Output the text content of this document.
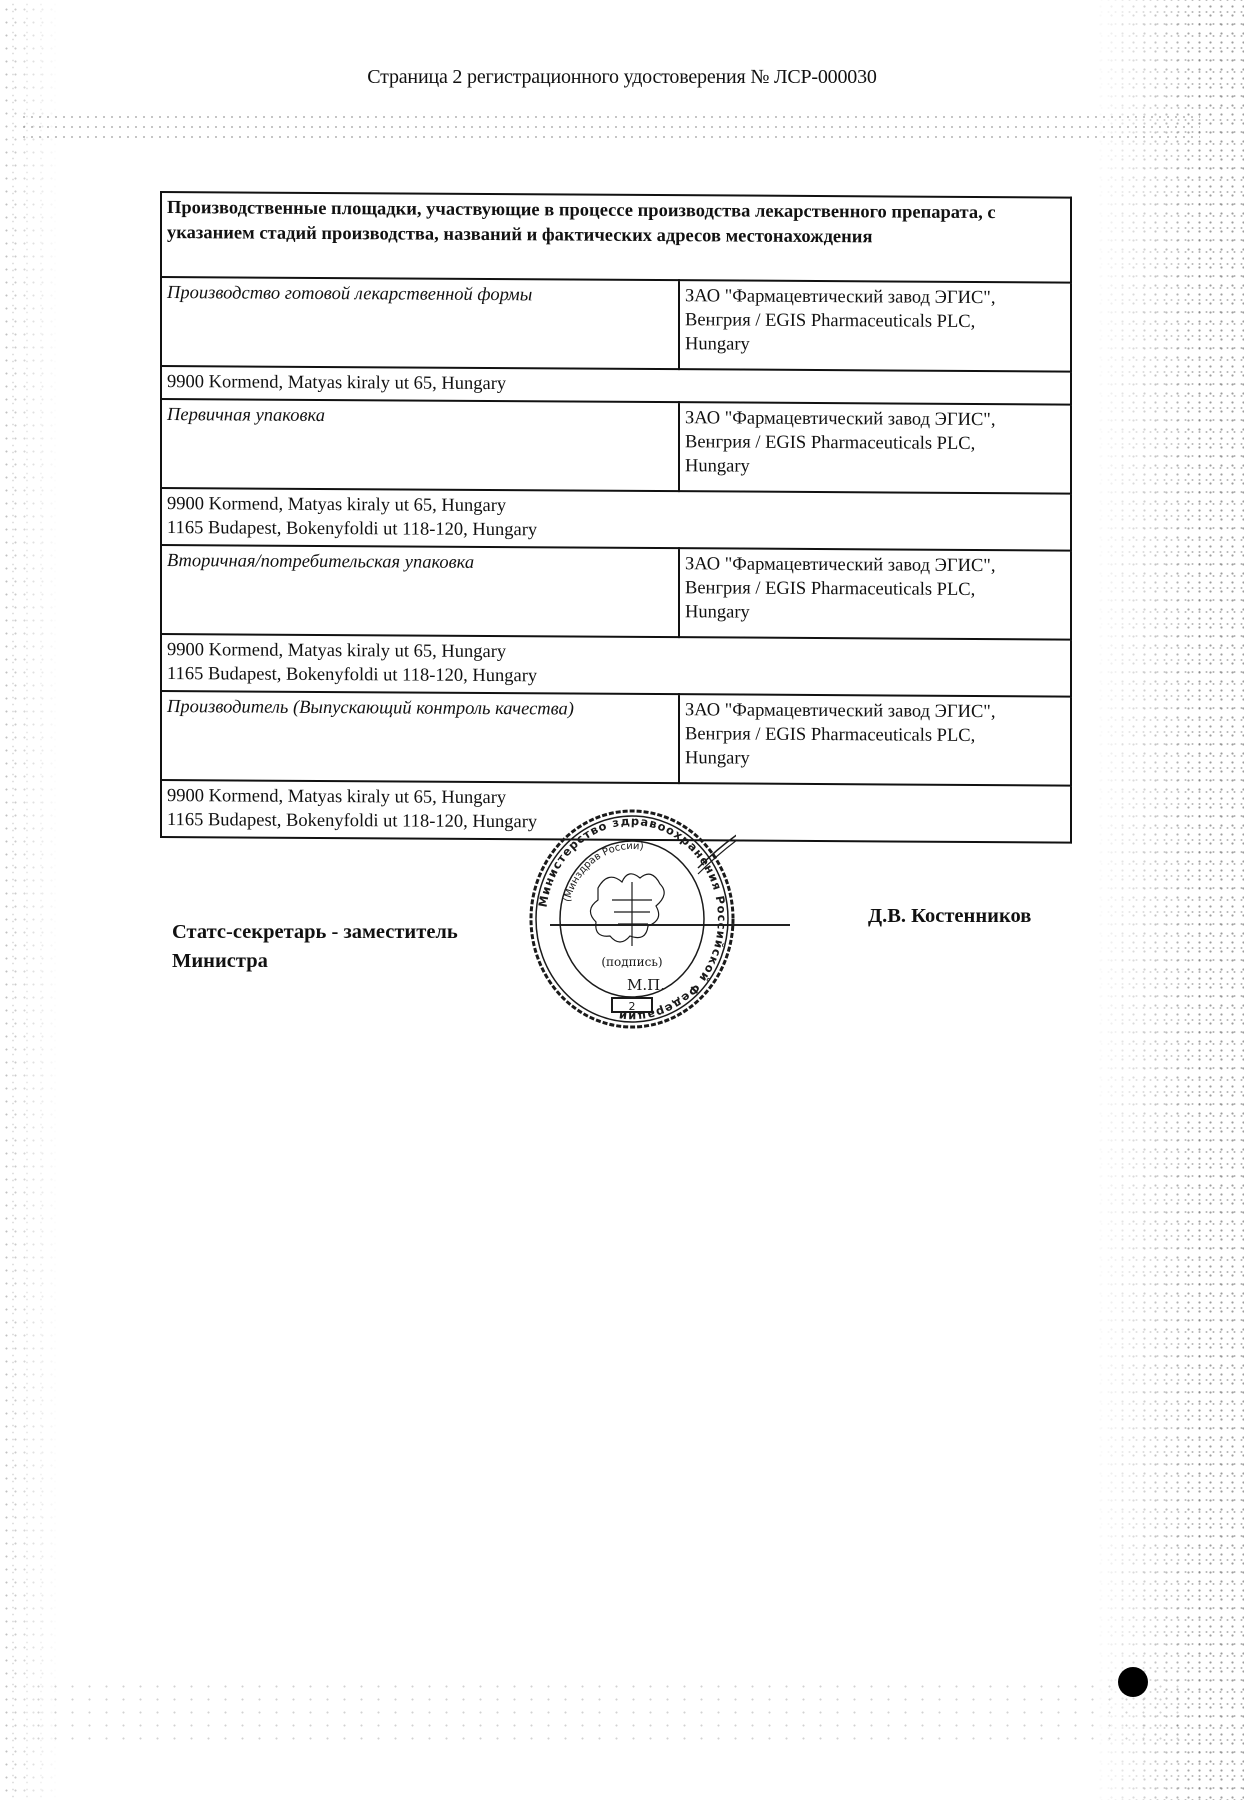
Страница 2 регистрационного удостоверения № ЛСР-000030
Производственные площадки, участвующие в процессе производства лекарственного препарата, с указанием стадий производства, названий и фактических адресов местонахождения	
Производство готовой лекарственной формы	ЗАО "Фармацевтический завод ЭГИС",
Венгрия / EGIS Pharmaceuticals PLC,
Hungary

9900 Kormend, Matyas kiraly ut 65, Hungary	

Первичная упаковка	ЗАО "Фармацевтический завод ЭГИС",
Венгрия / EGIS Pharmaceuticals PLC,
Hungary

9900 Kormend, Matyas kiraly ut 65, Hungary
1165 Budapest, Bokenyfoldi ut 118-120, Hungary	

Вторичная/потребительская упаковка	ЗАО "Фармацевтический завод ЭГИС",
Венгрия / EGIS Pharmaceuticals PLC,
Hungary

9900 Kormend, Matyas kiraly ut 65, Hungary
1165 Budapest, Bokenyfoldi ut 118-120, Hungary	

Производитель (Выпускающий контроль качества)	ЗАО "Фармацевтический завод ЭГИС",
Венгрия / EGIS Pharmaceuticals PLC,
Hungary

9900 Kormend, Matyas kiraly ut 65, Hungary
1165 Budapest, Bokenyfoldi ut 118-120, Hungary	
Статс-секретарь - заместитель
Министра
Министерство здравоохранения Российской Федерации
(Минздрав России)
(подпись)
М.П.
2
Д.В. Костенников
